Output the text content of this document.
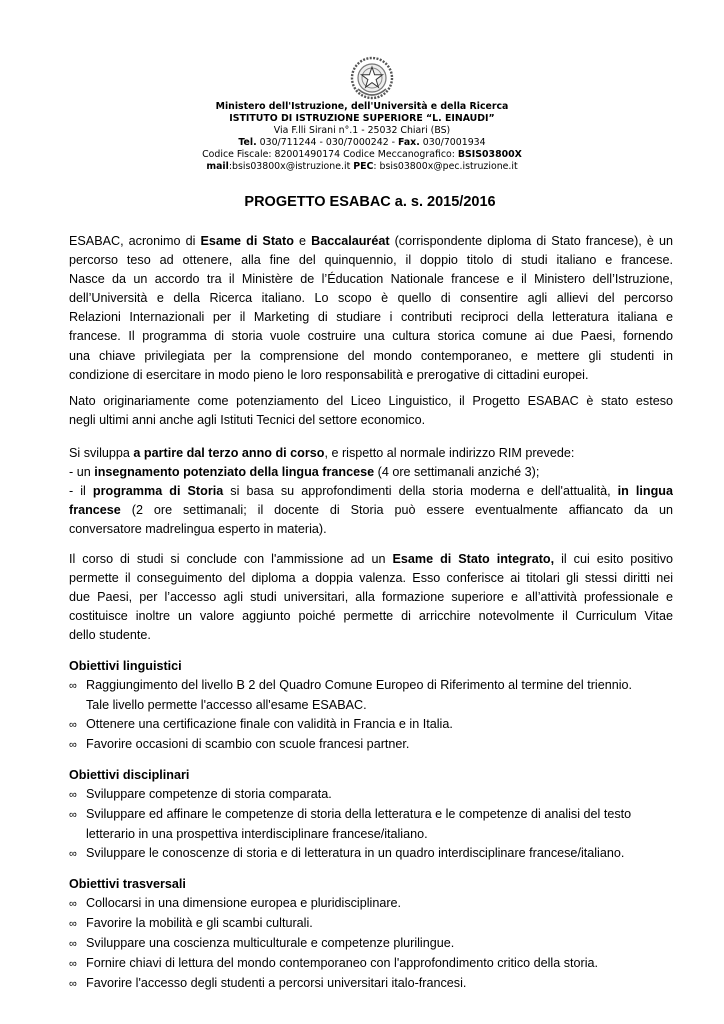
Ministero dell'Istruzione, dell'Università e della Ricerca
ISTITUTO DI ISTRUZIONE SUPERIORE “L. EINAUDI”
Via F.lli Sirani n°.1 - 25032 Chiari (BS)
Tel. 030/711244 - 030/7000242 - Fax. 030/7001934
Codice Fiscale: 82001490174 Codice Meccanografico: BSIS03800X
mail:bsis03800x@istruzione.it PEC: bsis03800x@pec.istruzione.it
PROGETTO ESABAC a. s. 2015/2016
ESABAC, acronimo di Esame di Stato e Baccalauréat (corrispondente diploma di Stato francese), è un
percorso teso ad ottenere, alla fine del quinquennio, il doppio titolo di studi italiano e francese.
Nasce da un accordo tra il Ministère de l’Éducation Nationale francese e il Ministero dell’Istruzione,
dell’Università e della Ricerca italiano. Lo scopo è quello di consentire agli allievi del percorso
Relazioni Internazionali per il Marketing di studiare i contributi reciproci della letteratura italiana e
francese. Il programma di storia vuole costruire una cultura storica comune ai due Paesi, fornendo
una chiave privilegiata per la comprensione del mondo contemporaneo, e mettere gli studenti in
condizione di esercitare in modo pieno le loro responsabilità e prerogative di cittadini europei.
Nato originariamente come potenziamento del Liceo Linguistico, il Progetto ESABAC è stato esteso
negli ultimi anni anche agli Istituti Tecnici del settore economico.
Si sviluppa a partire dal terzo anno di corso, e rispetto al normale indirizzo RIM prevede:
- un insegnamento potenziato della lingua francese (4 ore settimanali anziché 3);
- il programma di Storia si basa su approfondimenti della storia moderna e dell'attualità, in lingua
francese (2 ore settimanali; il docente di Storia può essere eventualmente affiancato da un
conversatore madrelingua esperto in materia).
Il corso di studi si conclude con l'ammissione ad un Esame di Stato integrato, il cui esito positivo
permette il conseguimento del diploma a doppia valenza. Esso conferisce ai titolari gli stessi diritti nei
due Paesi, per l’accesso agli studi universitari, alla formazione superiore e all’attività professionale e
costituisce inoltre un valore aggiunto poiché permette di arricchire notevolmente il Curriculum Vitae
dello studente.
Obiettivi linguistici
∞ Raggiungimento del livello B 2 del Quadro Comune Europeo di Riferimento al termine del triennio.
Tale livello permette l'accesso all'esame ESABAC.
∞ Ottenere una certificazione finale con validità in Francia e in Italia.
∞ Favorire occasioni di scambio con scuole francesi partner.
Obiettivi disciplinari
∞ Sviluppare competenze di storia comparata.
∞ Sviluppare ed affinare le competenze di storia della letteratura e le competenze di analisi del testo
letterario in una prospettiva interdisciplinare francese/italiano.
∞ Sviluppare le conoscenze di storia e di letteratura in un quadro interdisciplinare francese/italiano.
Obiettivi trasversali
∞ Collocarsi in una dimensione europea e pluridisciplinare.
∞ Favorire la mobilità e gli scambi culturali.
∞ Sviluppare una coscienza multiculturale e competenze plurilingue.
∞ Fornire chiavi di lettura del mondo contemporaneo con l'approfondimento critico della storia.
∞ Favorire l'accesso degli studenti a percorsi universitari italo-francesi.
